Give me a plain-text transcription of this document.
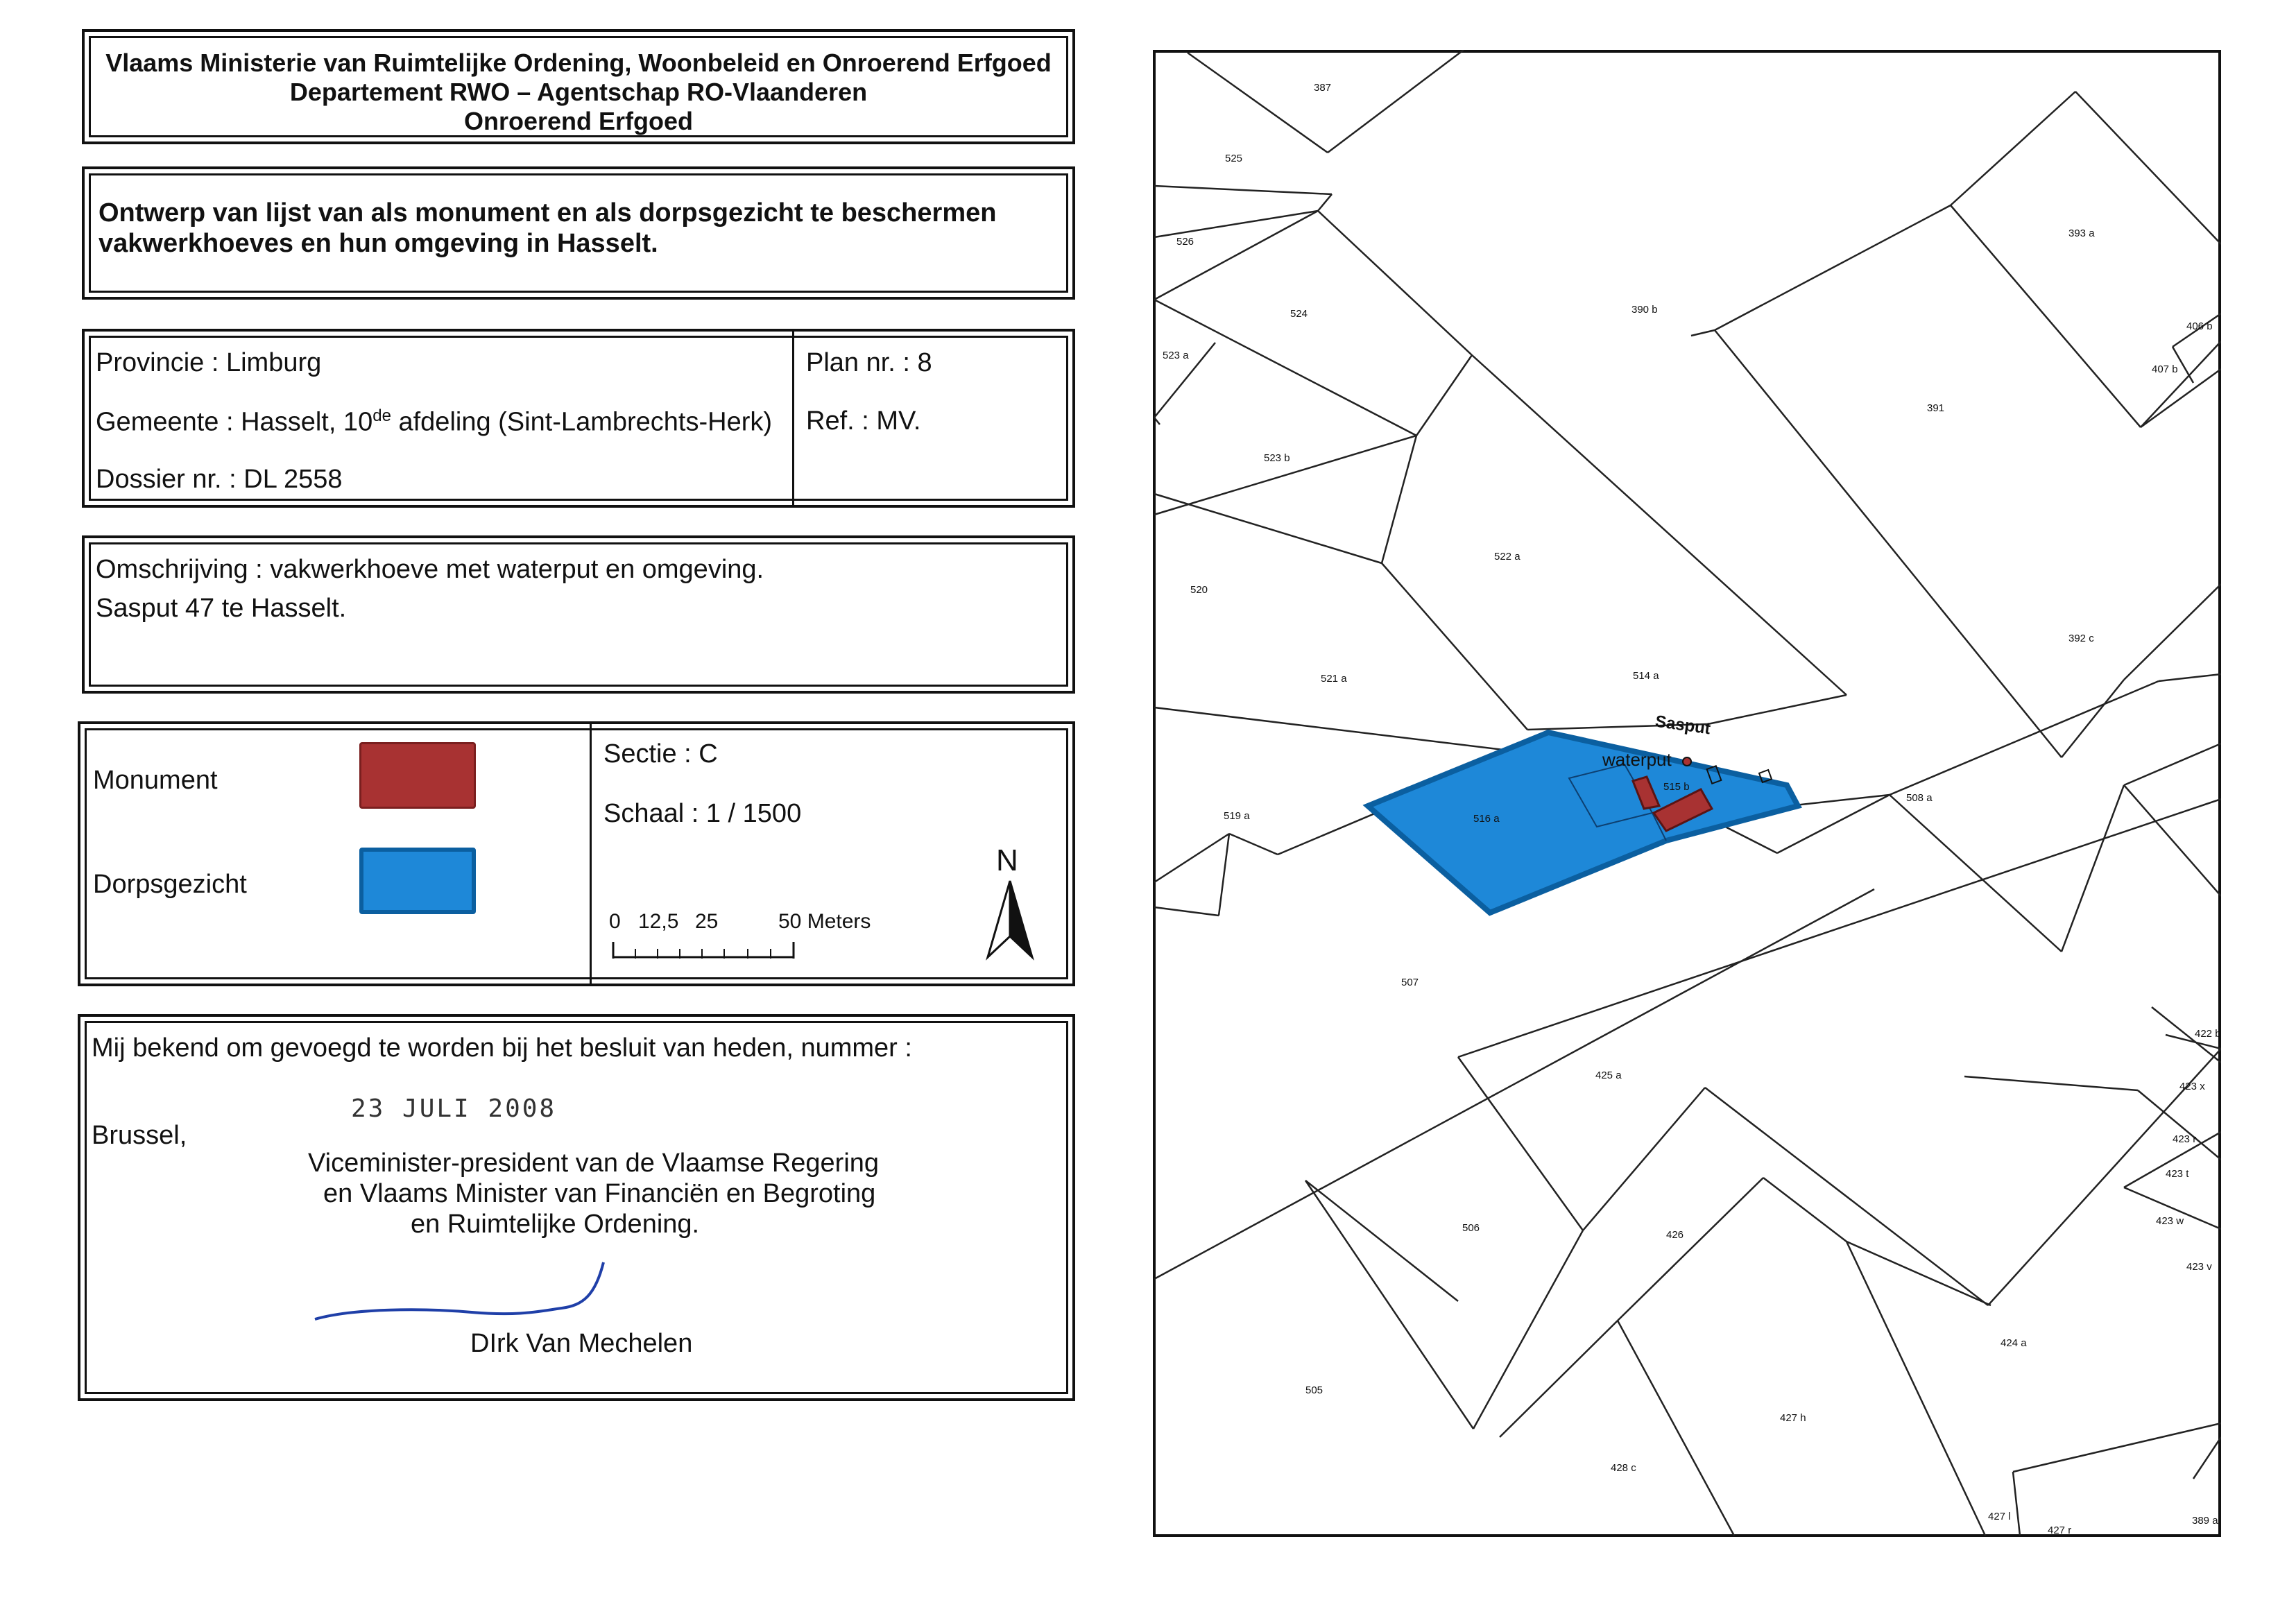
Vlaams Ministerie van Ruimtelijke Ordening, Woonbeleid en Onroerend Erfgoed
Departement RWO – Agentschap RO-Vlaanderen
Onroerend Erfgoed
Ontwerp van lijst van als monument en als dorpsgezicht te beschermen
vakwerkhoeves en hun omgeving in Hasselt.
Provincie : Limburg
Gemeente : Hasselt, 10de afdeling (Sint-Lambrechts-Herk)
Dossier nr. : DL 2558
Plan nr. : 8
Ref. : MV.
Omschrijving : vakwerkhoeve met waterput en omgeving.
Sasput 47 te Hasselt.
Monument
Dorpsgezicht
Sectie : C
Schaal : 1 / 1500
0 12,5 25	50 Meters
N
Mij bekend om gevoegd te worden bij het besluit van heden, nummer :
23 JULI 2008
Brussel,
Viceminister-president van de Vlaamse Regering
en Vlaams Minister van Financiën en Begroting
en Ruimtelijke Ordening.
DIrk Van Mechelen
Sasput
waterput
387
525
526
524
523 a
523 b
390 b
393 a
406 b
407 b
391
522 a
520
521 a	514 a
392 c
519 a	516 a
515 b
508 a
507
422 b
423 x
423 r
423 t
425 a
423 w
506
426
423 v
424 a
505
427 h
428 c
427 l
427 r
389 a
